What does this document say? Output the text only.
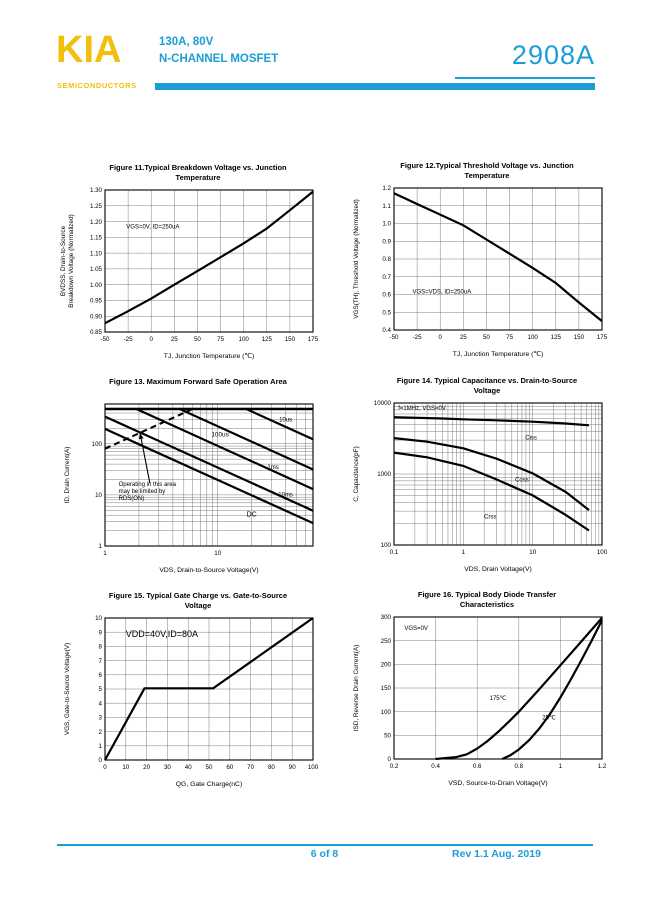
KIA
SEMICONDUCTORS
130A, 80V
N-CHANNEL MOSFET	2908A
Figure 11.Typical Breakdown Voltage vs. Junction
Temperature
-50 -25	0	25	50	75 100 125 150 175
0.85
0.90
0.95
1.00
1.05
1.10
1.15
1.20
1.25
1.30
VGS=0V, ID=250uA
TJ, Junction Temperature (℃)
BVDSS, Drain-to-Source Breakdown Voltage (Normalized)
Figure 12.Typical Threshold Voltage vs. Junction
Temperature
-50 -25	0	25	50	75 100 125 150 175
0.4
0.5
0.6
0.7
0.8
0.9
1.0
1.1
1.2
VGS=VDS, ID=250uA
TJ, Junction Temperature (℃)
VGS(TH), Threshold Voltage (Normalized)
Figure 13. Maximum Forward Safe Operation Area
1	10
1
10
100
10us
100us
1ms
10ms
DC
Operating in this area
may be limited by
RDS(ON)
VDS, Drain-to-Source Voltage(V)
ID, Drain Current(A)
Figure 14. Typical Capacitance vs. Drain-to-Source
Voltage
0.1	1	10	100
100
1000
10000
f=1MHz, VGS=0V
Ciss
Coss
Crss
VDS, Drain Voltage(V)
C, Capacitance(pF)
Figure 15. Typical Gate Charge vs. Gate-to-Source
Voltage
0	10 20 30 40 50 60 70 80 90 100
0
1
2
3
4
5
6
7
8
9
10
VDD=40V,ID=80A
QG, Gate Charge(nC)
VGS, Gate-to-Source Voltage(V)
Figure 16. Typical Body Diode Transfer
Characteristics
0.2	0.4	0.6	0.8	1	1.2
0
50
100
150
200
250
300
VGS=0V
175℃
25℃
VSD, Source-to-Drain Voltage(V)
ISD, Reverse Drain Current(A)
6 of 8	Rev 1.1 Aug. 2019
